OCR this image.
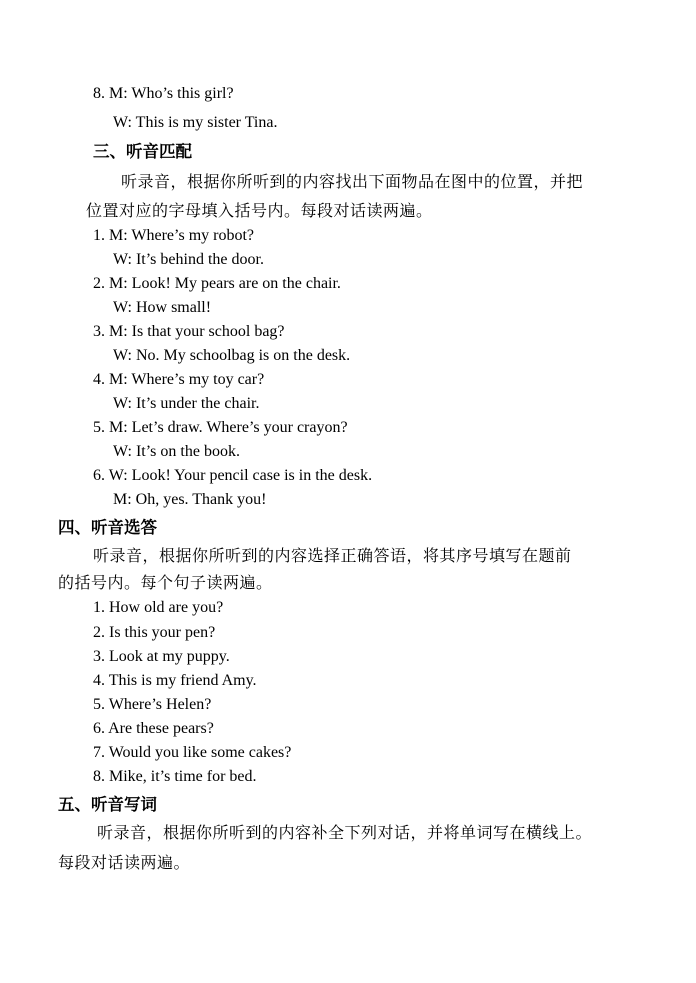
8. M: Who’s this girl?
W: This is my sister Tina.
三、听音匹配
听录音，根据你所听到的内容找出下面物品在图中的位置，并把
位置对应的字母填入括号内。每段对话读两遍。
1. M: Where’s my robot?
W: It’s behind the door.
2. M: Look! My pears are on the chair.
W: How small!
3. M: Is that your school bag?
W: No. My schoolbag is on the desk.
4. M: Where’s my toy car?
W: It’s under the chair.
5. M: Let’s draw. Where’s your crayon?
W: It’s on the book.
6. W: Look! Your pencil case is in the desk.
M: Oh, yes. Thank you!
四、听音选答
听录音，根据你所听到的内容选择正确答语，将其序号填写在题前
的括号内。每个句子读两遍。
1. How old are you?
2. Is this your pen?
3. Look at my puppy.
4. This is my friend Amy.
5. Where’s Helen?
6. Are these pears?
7. Would you like some cakes?
8. Mike, it’s time for bed.
五、听音写词
听录音，根据你所听到的内容补全下列对话，并将单词写在横线上。
每段对话读两遍。
